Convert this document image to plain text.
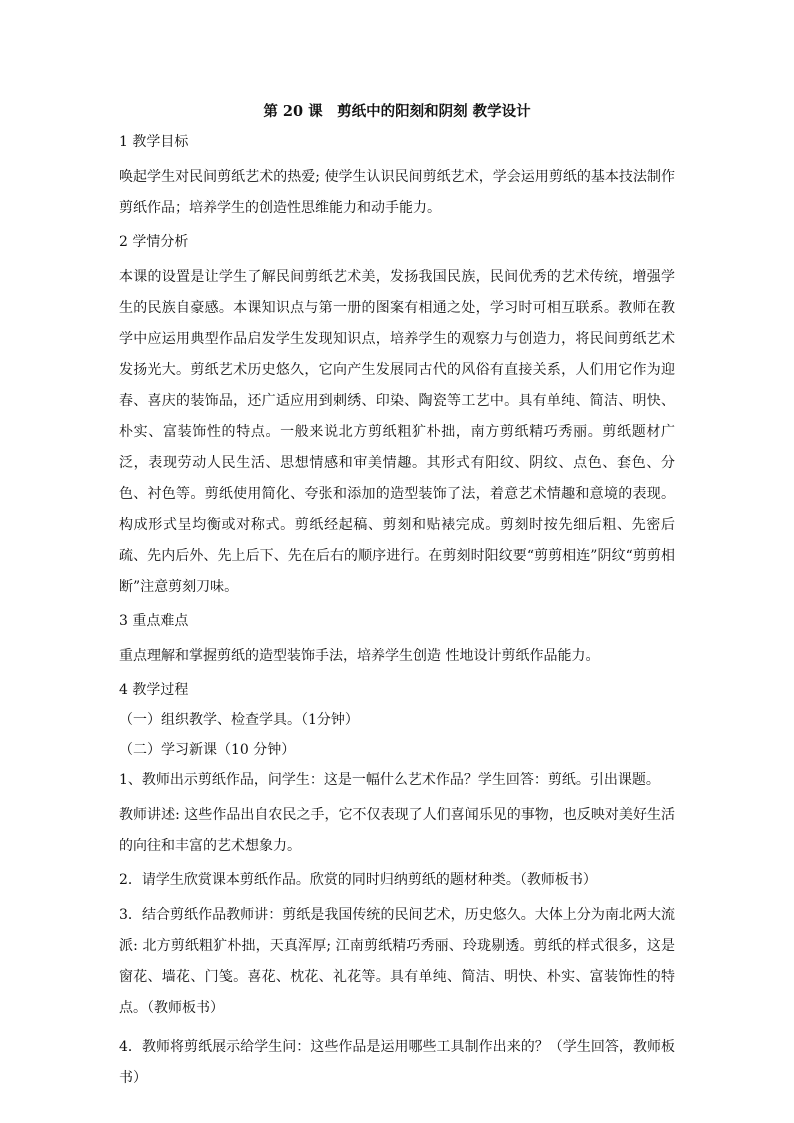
第 20 课　剪纸中的阳刻和阴刻 教学设计
1 教学目标

唤起学生对民间剪纸艺术的热爱; 使学生认识民间剪纸艺术，学会运用剪纸的基本技法制作剪纸作品；培养学生的创造性思维能力和动手能力。

2 学情分析

本课的设置是让学生了解民间剪纸艺术美，发扬我国民族，民间优秀的艺术传统，增强学生的民族自豪感。本课知识点与第一册的图案有相通之处，学习时可相互联系。教师在教学中应运用典型作品启发学生发现知识点，培养学生的观察力与创造力，将民间剪纸艺术发扬光大。剪纸艺术历史悠久，它向产生发展同古代的风俗有直接关系，人们用它作为迎春、喜庆的装饰品，还广适应用到刺绣、印染、陶瓷等工艺中。具有单纯、简洁、明快、朴实、富装饰性的特点。一般来说北方剪纸粗犷朴拙，南方剪纸精巧秀丽。剪纸题材广泛，表现劳动人民生活、思想情感和审美情趣。其形式有阳纹、阴纹、点色、套色、分色、衬色等。剪纸使用简化、夸张和添加的造型装饰了法，着意艺术情趣和意境的表现。构成形式呈均衡或对称式。剪纸经起稿、剪刻和贴裱完成。剪刻时按先细后粗、先密后疏、先内后外、先上后下、先在后右的顺序进行。在剪刻时阳纹要“剪剪相连”阴纹“剪剪相断”注意剪刻刀味。

3 重点难点

重点理解和掌握剪纸的造型装饰手法，培养学生创造 性地设计剪纸作品能力。

4 教学过程
（一）组织教学、检查学具。（1分钟）
（二）学习新课（10 分钟）
1、教师出示剪纸作品，问学生：这是一幅什么艺术作品？学生回答：剪纸。引出课题。

教师讲述: 这些作品出自农民之手，它不仅表现了人们喜闻乐见的事物，也反映对美好生活的向往和丰富的艺术想象力。

2．请学生欣赏课本剪纸作品。欣赏的同时归纳剪纸的题材种类。（教师板书）

3．结合剪纸作品教师讲：剪纸是我国传统的民间艺术，历史悠久。大体上分为南北两大流派: 北方剪纸粗犷朴拙，天真浑厚; 江南剪纸精巧秀丽、玲珑剔透。剪纸的样式很多，这是窗花、墙花、门笺。喜花、枕花、礼花等。具有单纯、简洁、明快、朴实、富装饰性的特点。（教师板书）

4．教师将剪纸展示给学生问：这些作品是运用哪些工具制作出来的？（学生回答，教师板书）
